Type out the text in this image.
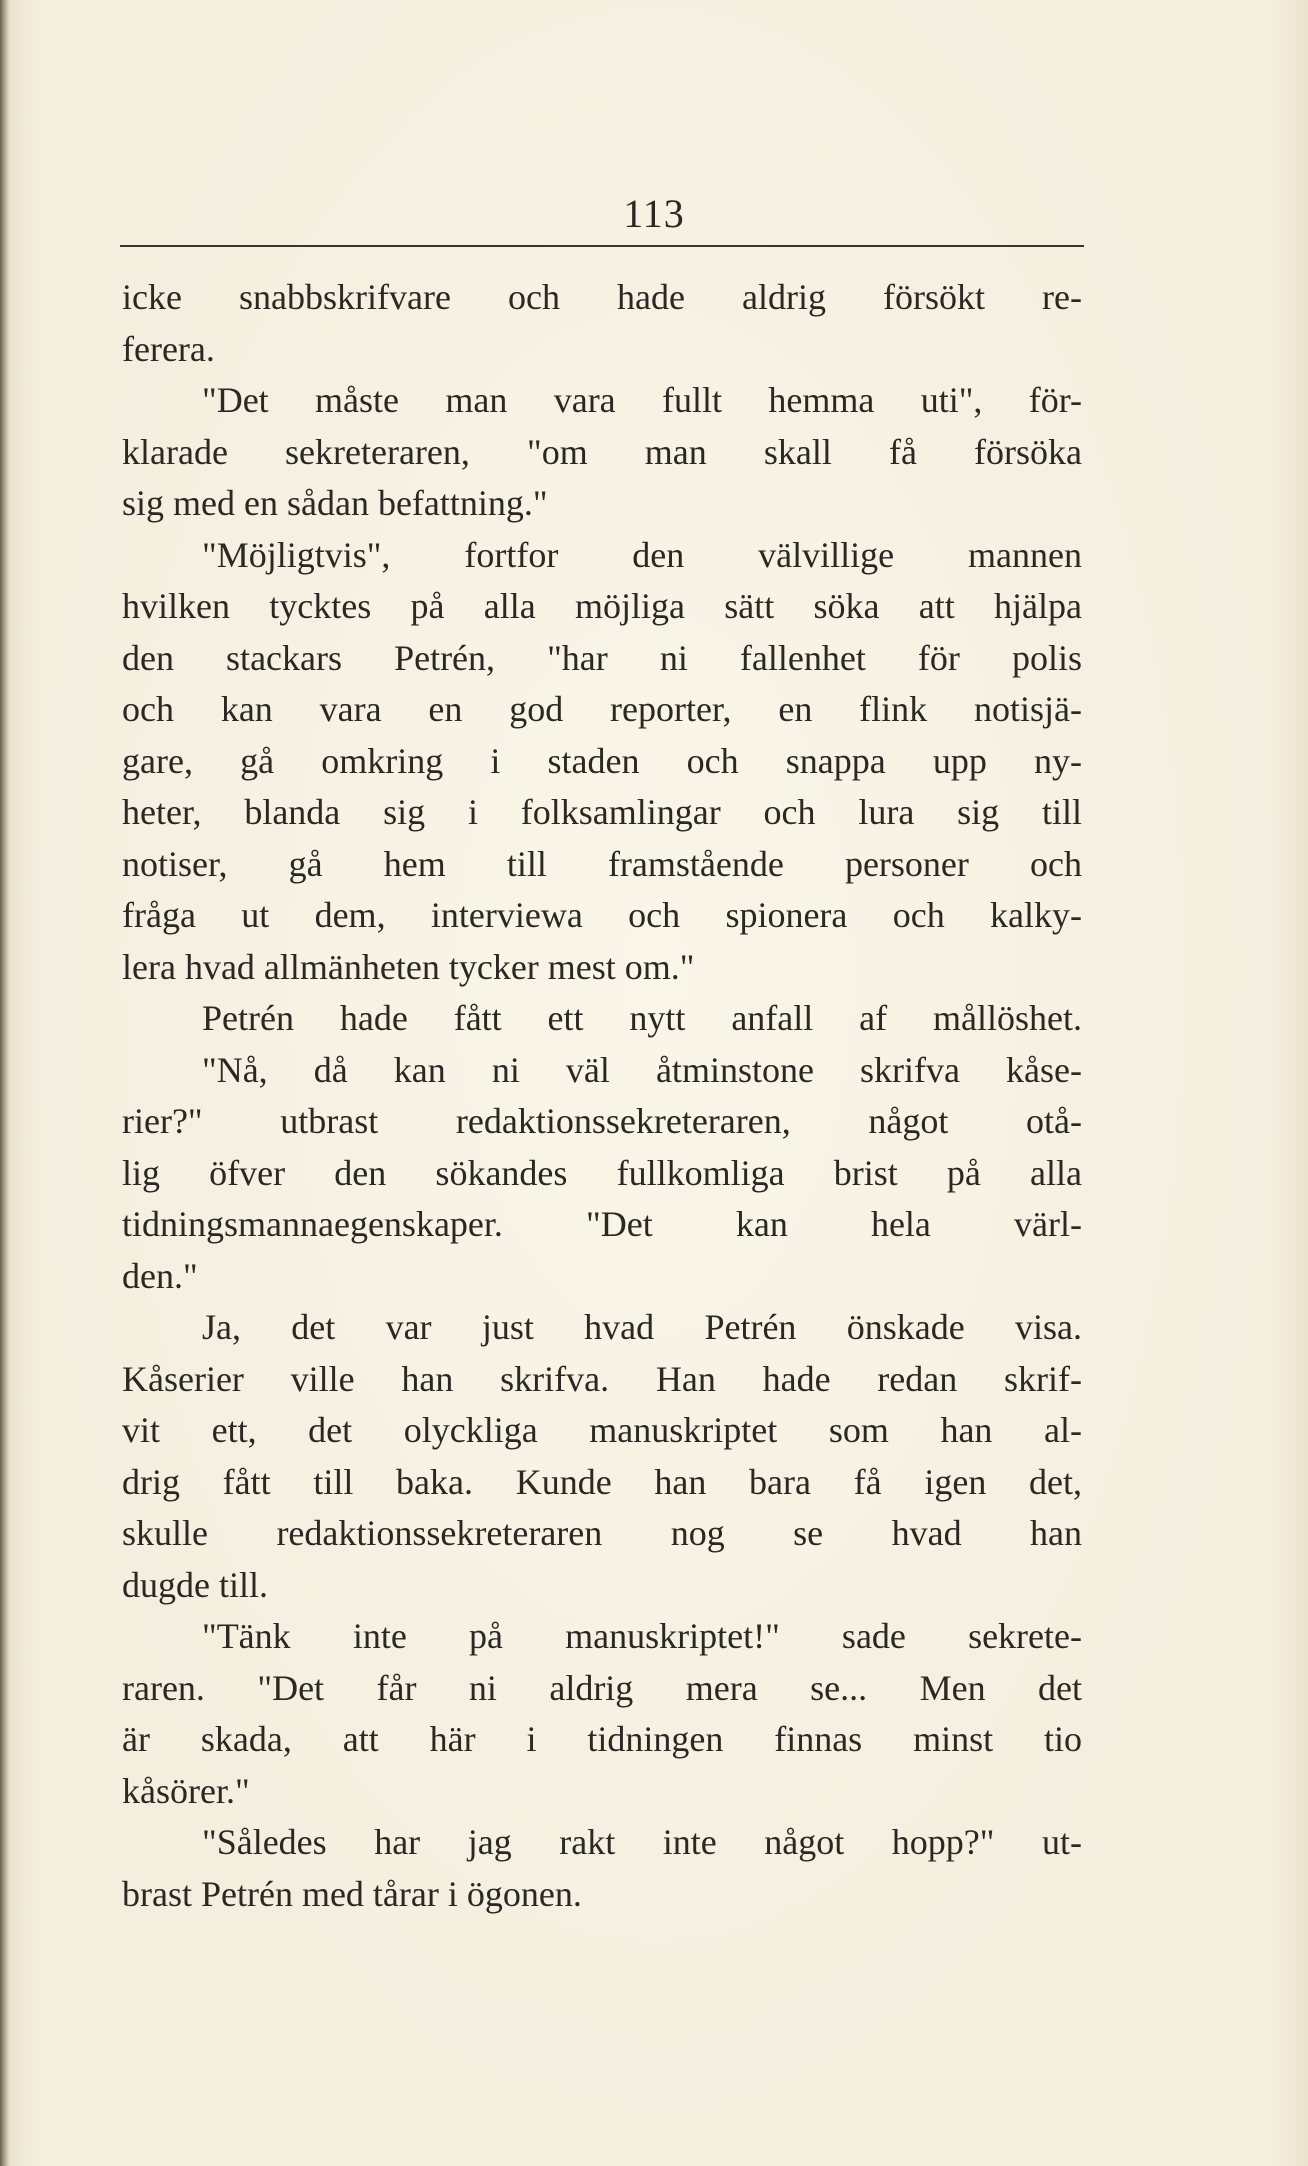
113
icke snabbskrifvare och hade aldrig försökt re-
ferera.
"Det måste man vara fullt hemma uti", för-
klarade sekreteraren, "om man skall få försöka
sig med en sådan befattning."
"Möjligtvis", fortfor den välvillige mannen
hvilken tycktes på alla möjliga sätt söka att hjälpa
den stackars Petrén, "har ni fallenhet för polis
och kan vara en god reporter, en flink notisjä-
gare, gå omkring i staden och snappa upp ny-
heter, blanda sig i folksamlingar och lura sig till
notiser, gå hem till framstående personer och
fråga ut dem, interviewa och spionera och kalky-
lera hvad allmänheten tycker mest om."
Petrén hade fått ett nytt anfall af mållöshet.
"Nå, då kan ni väl åtminstone skrifva kåse-
rier?" utbrast redaktionssekreteraren, något otå-
lig öfver den sökandes fullkomliga brist på alla
tidningsmannaegenskaper. "Det kan hela värl-
den."
Ja, det var just hvad Petrén önskade visa.
Kåserier ville han skrifva. Han hade redan skrif-
vit ett, det olyckliga manuskriptet som han al-
drig fått till baka. Kunde han bara få igen det,
skulle redaktionssekreteraren nog se hvad han
dugde till.
"Tänk inte på manuskriptet!" sade sekrete-
raren. "Det får ni aldrig mera se... Men det
är skada, att här i tidningen finnas minst tio
kåsörer."
"Således har jag rakt inte något hopp?" ut-
brast Petrén med tårar i ögonen.
